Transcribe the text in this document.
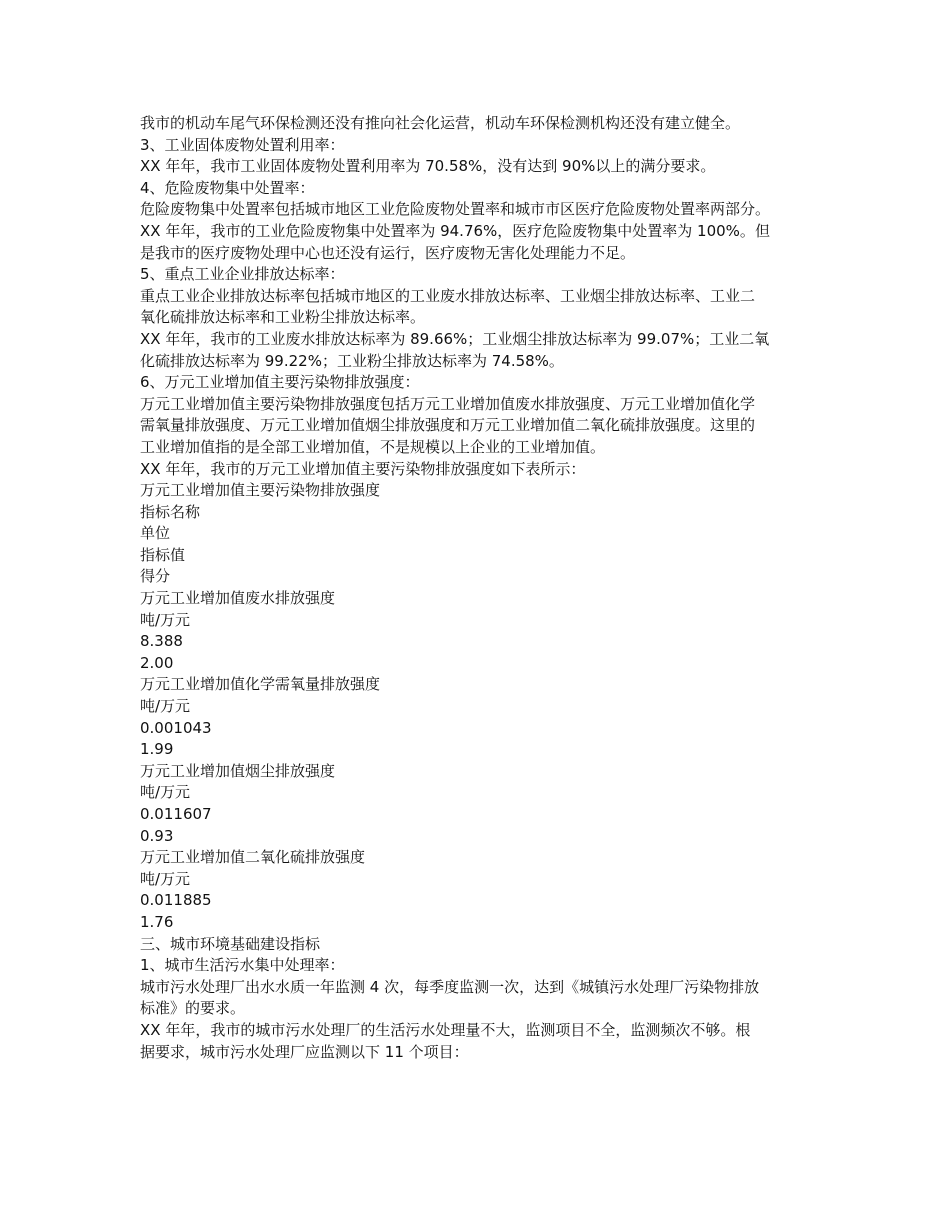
我市的机动车尾气环保检测还没有推向社会化运营，机动车环保检测机构还没有建立健全。

3、工业固体废物处置利用率：

XX 年年，我市工业固体废物处置利用率为 70.58%，没有达到 90%以上的满分要求。

4、危险废物集中处置率：

危险废物集中处置率包括城市地区工业危险废物处置率和城市市区医疗危险废物处置率两部分。

XX 年年，我市的工业危险废物集中处置率为 94.76%，医疗危险废物集中处置率为 100%。但

是我市的医疗废物处理中心也还没有运行，医疗废物无害化处理能力不足。

5、重点工业企业排放达标率：

重点工业企业排放达标率包括城市地区的工业废水排放达标率、工业烟尘排放达标率、工业二

氧化硫排放达标率和工业粉尘排放达标率。

XX 年年，我市的工业废水排放达标率为 89.66%；工业烟尘排放达标率为 99.07%；工业二氧

化硫排放达标率为 99.22%；工业粉尘排放达标率为 74.58%。

6、万元工业增加值主要污染物排放强度：

万元工业增加值主要污染物排放强度包括万元工业增加值废水排放强度、万元工业增加值化学

需氧量排放强度、万元工业增加值烟尘排放强度和万元工业增加值二氧化硫排放强度。这里的

工业增加值指的是全部工业增加值，不是规模以上企业的工业增加值。

XX 年年，我市的万元工业增加值主要污染物排放强度如下表所示：

万元工业增加值主要污染物排放强度

指标名称

单位

指标值

得分

万元工业增加值废水排放强度

吨/万元

8.388

2.00

万元工业增加值化学需氧量排放强度

吨/万元

0.001043

1.99

万元工业增加值烟尘排放强度

吨/万元

0.011607

0.93

万元工业增加值二氧化硫排放强度

吨/万元

0.011885

1.76

三、城市环境基础建设指标

1、城市生活污水集中处理率：

城市污水处理厂出水水质一年监测 4 次，每季度监测一次，达到《城镇污水处理厂污染物排放

标准》的要求。

XX 年年，我市的城市污水处理厂的生活污水处理量不大，监测项目不全，监测频次不够。根

据要求，城市污水处理厂应监测以下 11 个项目：
